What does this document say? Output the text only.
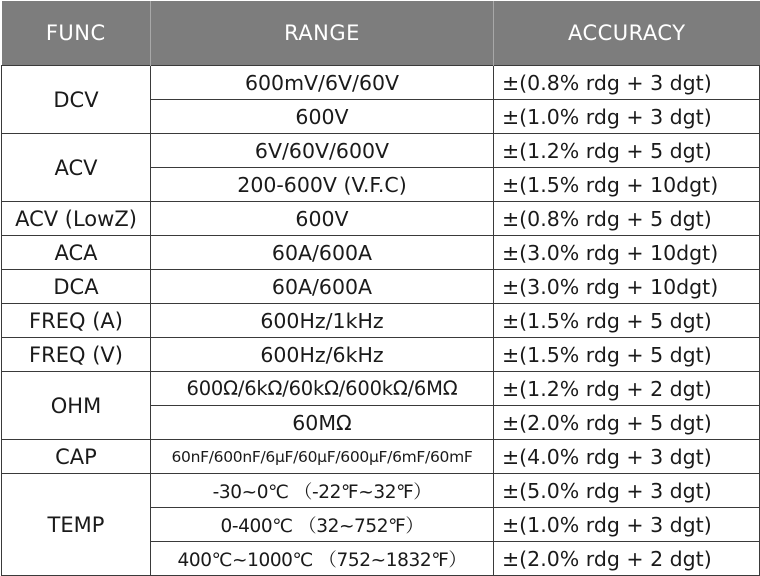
FUNC	RANGE	ACCURACY
DCV	600mV/6V/60V	±(0.8% rdg + 3 dgt)
	600V	±(1.0% rdg + 3 dgt)
ACV	6V/60V/600V	±(1.2% rdg + 5 dgt)
	200-600V (V.F.C)	±(1.5% rdg + 10dgt)
ACV (LowZ)	600V	±(0.8% rdg + 5 dgt)
ACA	60A/600A	±(3.0% rdg + 10dgt)
DCA	60A/600A	±(3.0% rdg + 10dgt)
FREQ (A)	600Hz/1kHz	±(1.5% rdg + 5 dgt)
FREQ (V)	600Hz/6kHz	±(1.5% rdg + 5 dgt)
OHM	600Ω/6kΩ/60kΩ/600kΩ/6MΩ	±(1.2% rdg + 2 dgt)
	60MΩ	±(2.0% rdg + 5 dgt)
CAP	60nF/600nF/6μF/60μF/600μF/6mF/60mF	±(4.0% rdg + 3 dgt)
TEMP	-30~0℃ （-22℉~32℉）	±(5.0% rdg + 3 dgt)
	0-400℃ （32~752℉）	±(1.0% rdg + 3 dgt)
	400℃~1000℃ （752~1832℉）	±(2.0% rdg + 2 dgt)
